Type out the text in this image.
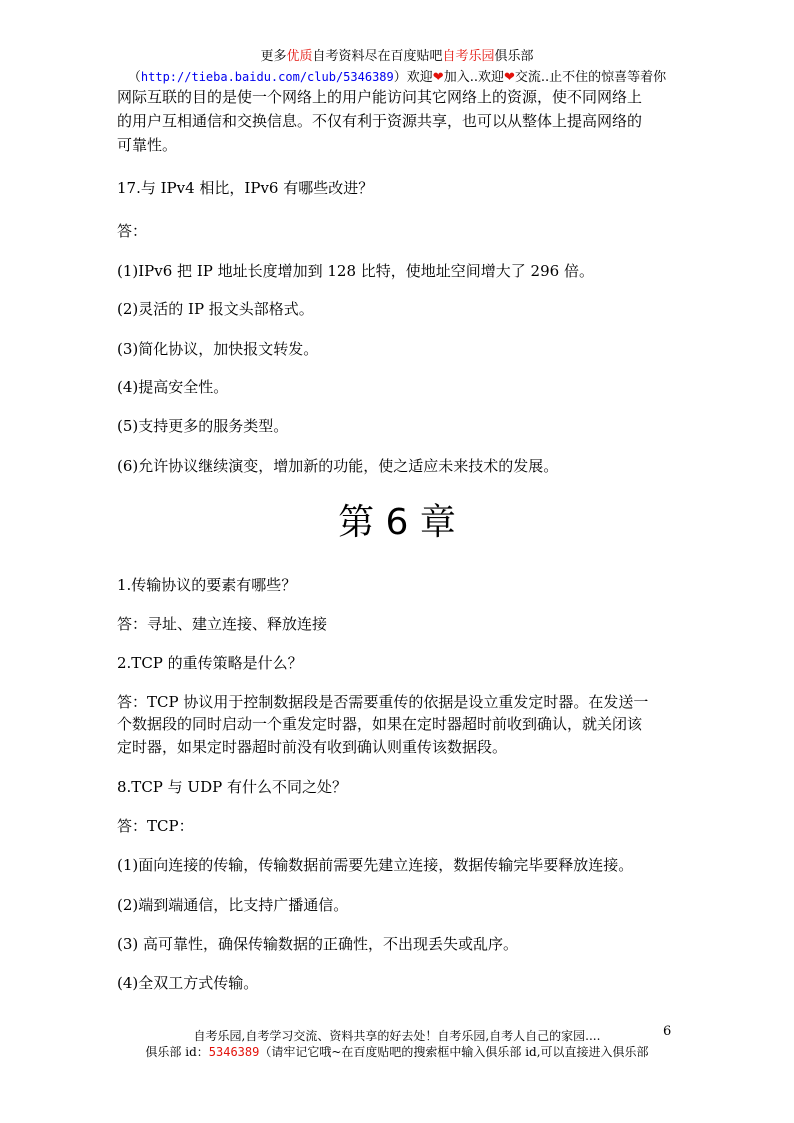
更多优质自考资料尽在百度贴吧自考乐园俱乐部
（http://tieba.baidu.com/club/5346389）欢迎❤加入..欢迎❤交流..止不住的惊喜等着你
网际互联的目的是使一个网络上的用户能访问其它网络上的资源，使不同网络上
的用户互相通信和交换信息。不仅有利于资源共享，也可以从整体上提高网络的
可靠性。
17.与 IPv4 相比，IPv6 有哪些改进？
答：
(1)IPv6 把 IP 地址长度增加到 128 比特，使地址空间增大了 296 倍。
(2)灵活的 IP 报文头部格式。
(3)简化协议，加快报文转发。
(4)提高安全性。
(5)支持更多的服务类型。
(6)允许协议继续演变，增加新的功能，使之适应未来技术的发展。
第 6 章
1.传输协议的要素有哪些？
答：寻址、建立连接、释放连接
2.TCP 的重传策略是什么？
答：TCP 协议用于控制数据段是否需要重传的依据是设立重发定时器。在发送一
个数据段的同时启动一个重发定时器，如果在定时器超时前收到确认，就关闭该
定时器，如果定时器超时前没有收到确认则重传该数据段。
8.TCP 与 UDP 有什么不同之处？
答：TCP：
(1)面向连接的传输，传输数据前需要先建立连接，数据传输完毕要释放连接。
(2)端到端通信，比支持广播通信。
(3) 高可靠性，确保传输数据的正确性，不出现丢失或乱序。
(4)全双工方式传输。
自考乐园,自考学习交流、资料共享的好去处！自考乐园,自考人自己的家园....
俱乐部 id：5346389（请牢记它哦~在百度贴吧的搜索框中输入俱乐部 id,可以直接进入俱乐部
6
